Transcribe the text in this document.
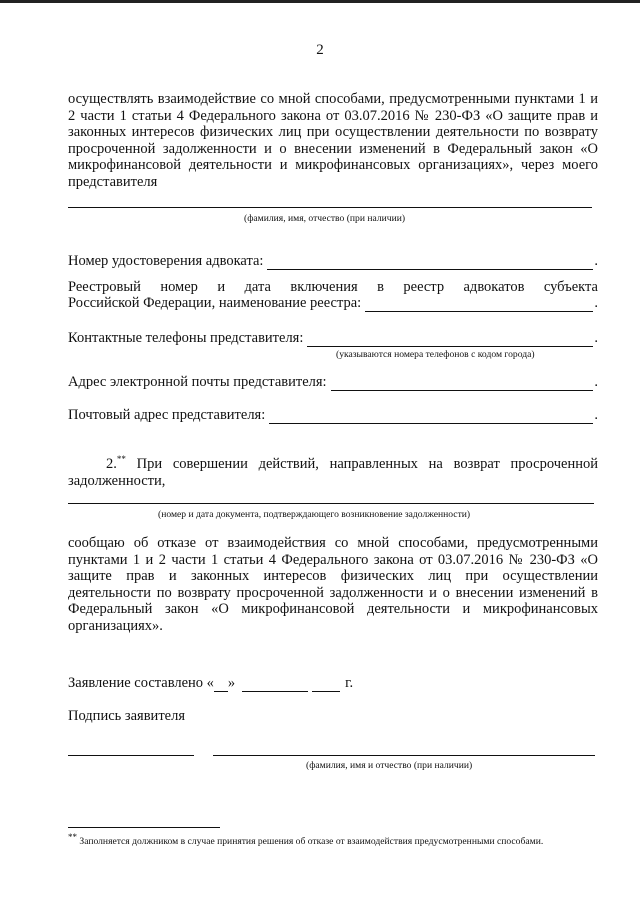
2
осуществлять взаимодействие со мной способами, предусмотренными пунктами 1 и 2 части 1 статьи 4 Федерального закона от 03.07.2016 № 230-ФЗ «О защите прав и законных интересов физических лиц при осуществлении деятельности по возврату просроченной задолженности и о внесении изменений в Федеральный закон «О микрофинансовой деятельности и микрофинансовых организациях», через моего представителя
(фамилия, имя, отчество (при наличии)
Номер удостоверения адвоката:	.
Реестровый номер и дата включения в реестр адвокатов субъекта
Российской Федерации, наименование реестра:	.
Контактные телефоны представителя:	.
(указываются номера телефонов с кодом города)
Адрес электронной почты представителя:	.
Почтовый адрес представителя:	.
2.** При совершении действий, направленных на возврат просроченной задолженности,
(номер и дата документа, подтверждающего возникновение задолженности)
сообщаю об отказе от взаимодействия со мной способами, предусмотренными пунктами 1 и 2 части 1 статьи 4 Федерального закона от 03.07.2016 № 230-ФЗ «О защите прав и законных интересов физических лиц при осуществлении деятельности по возврату просроченной задолженности и о внесении изменений в Федеральный закон «О микрофинансовой деятельности и микрофинансовых организациях».
Заявление составлено « »	г.
Подпись заявителя
(фамилия, имя и отчество (при наличии)
** Заполняется должником в случае принятия решения об отказе от взаимодействия предусмотренными способами.
